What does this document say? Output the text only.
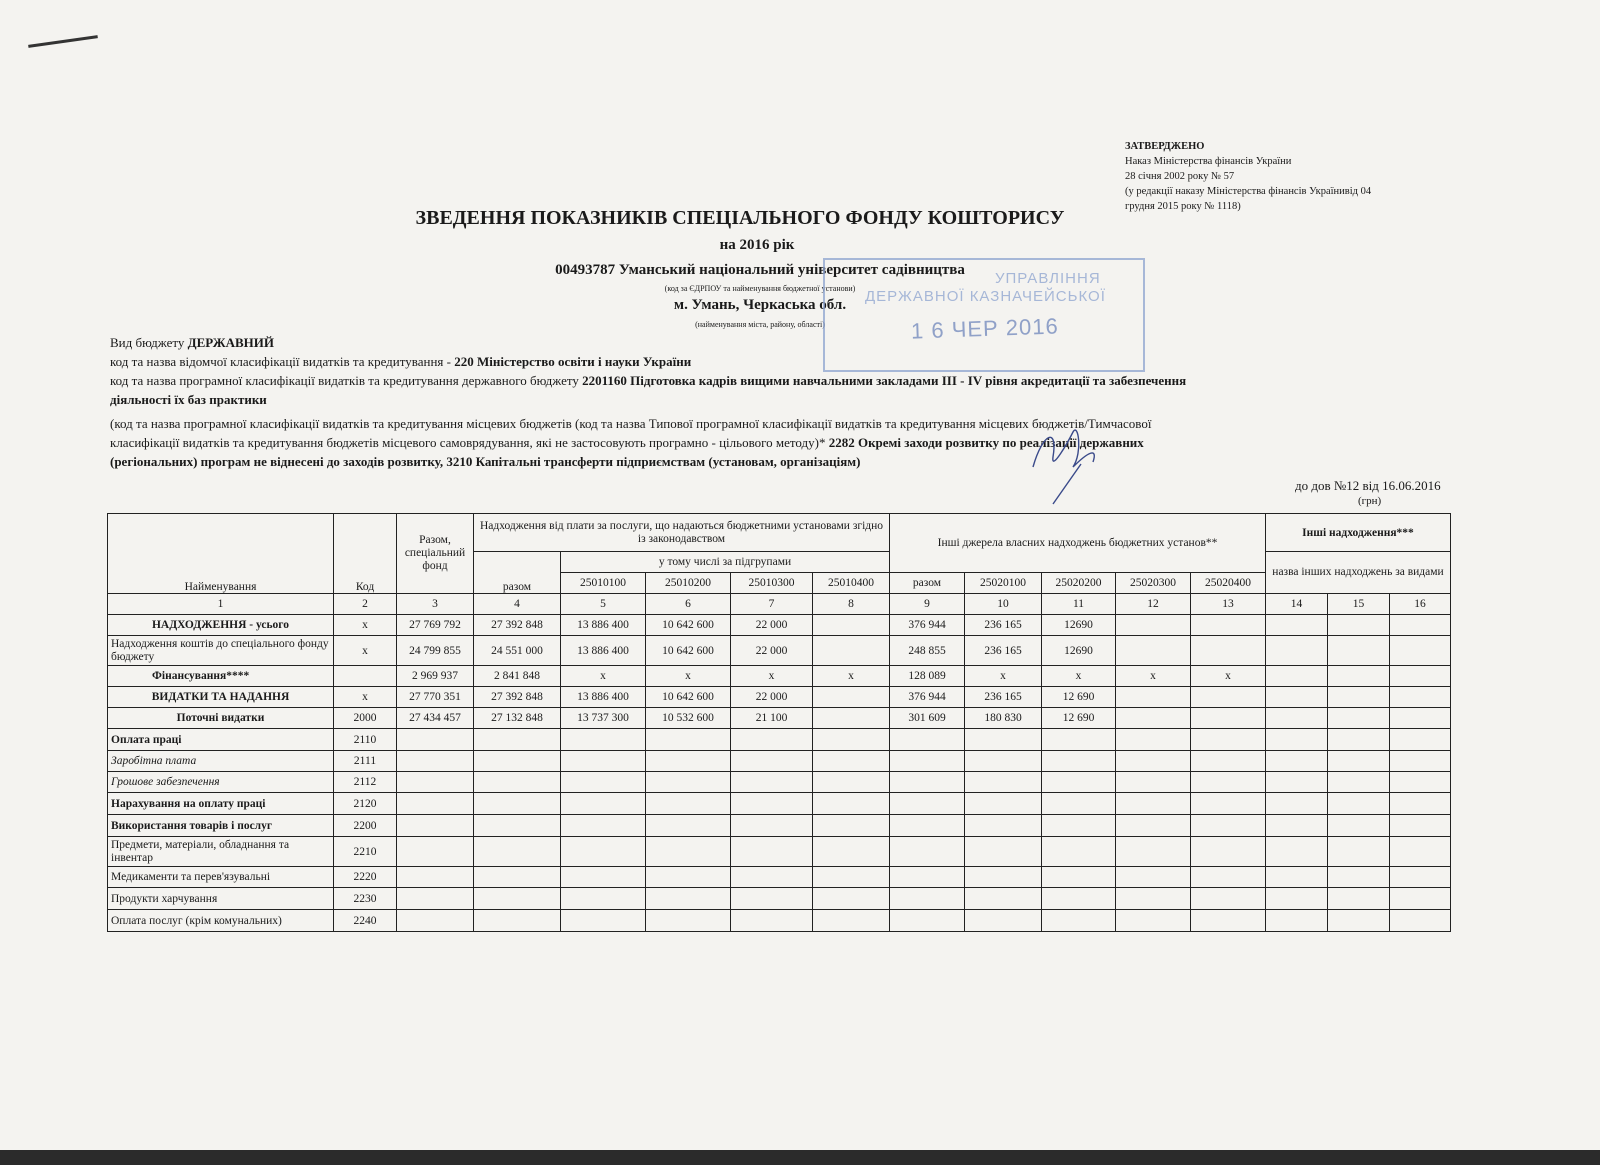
ЗАТВЕРДЖЕНО
Наказ Міністерства фінансів України
28 січня 2002 року № 57
(у редакції наказу Міністерства фінансів Українивід 04
грудня 2015 року № 1118)
ЗВЕДЕННЯ ПОКАЗНИКІВ СПЕЦІАЛЬНОГО ФОНДУ КОШТОРИСУ
на 2016 рік
00493787 Уманський національний університет садівництва
(код за ЄДРПОУ та найменування бюджетної установи)
м. Умань, Черкаська обл.
(найменування міста, району, області)
УПРАВЛІННЯ
ДЕРЖАВНОЇ КАЗНАЧЕЙСЬКОЇ
1 6 ЧЕР 2016
Вид бюджету ДЕРЖАВНИЙ
код та назва відомчої класифікації видатків та кредитування - 220 Міністерство освіти і науки України
код та назва програмної класифікації видатків та кредитування державного бюджету 2201160 Підготовка кадрів вищими навчальними закладами ІІІ - ІV рівня акредитації та забезпечення
діяльності їх баз практики
(код та назва програмної класифікації видатків та кредитування місцевих бюджетів (код та назва Типової програмної класифікації видатків та кредитування місцевих бюджетів/Тимчасової
класифікації видатків та кредитування бюджетів місцевого самоврядування, які не застосовують програмно - цільового методу)* 2282 Окремі заходи розвитку по реалізації державних
(регіональних) програм не віднесені до заходів розвитку, 3210 Капітальні трансферти підприємствам (установам, організаціям)
до дов №12 від 16.06.2016
(грн)
Найменування	Код	Разом, спеціальний фонд	Надходження від плати за послуги, що надаються бюджетними установами згідно із законодавством					Інші джерела власних надходжень бюджетних установ**					Інші надходження***		
			разом	у тому числі за підгрупами									назва інших надходжень за видами		
				25010100	25010200	25010300	25010400	разом	25020100	25020200	25020300	25020400			
1	2	3	4	5	6	7	8	9	10	11	12	13	14	15	16
НАДХОДЖЕННЯ - усього	х	27 769 792	27 392 848	13 886 400	10 642 600	22 000		376 944	236 165	12690					
Надходження коштів до спеціального фонду бюджету	х	24 799 855	24 551 000	13 886 400	10 642 600	22 000		248 855	236 165	12690					
Фінансування****		2 969 937	2 841 848	х	х	х	х	128 089	х	х	х	х			
ВИДАТКИ ТА НАДАННЯ	х	27 770 351	27 392 848	13 886 400	10 642 600	22 000		376 944	236 165	12 690					
Поточні видатки	2000	27 434 457	27 132 848	13 737 300	10 532 600	21 100		301 609	180 830	12 690					
Оплата праці	2110														
Заробітна плата	2111														
Грошове забезпечення	2112														
Нарахування на оплату праці	2120														
Використання товарів і послуг	2200														
Предмети, матеріали, обладнання та інвентар	2210														
Медикаменти та перев'язувальні	2220														
Продукти харчування	2230														
Оплата послуг (крім комунальних)	2240														
